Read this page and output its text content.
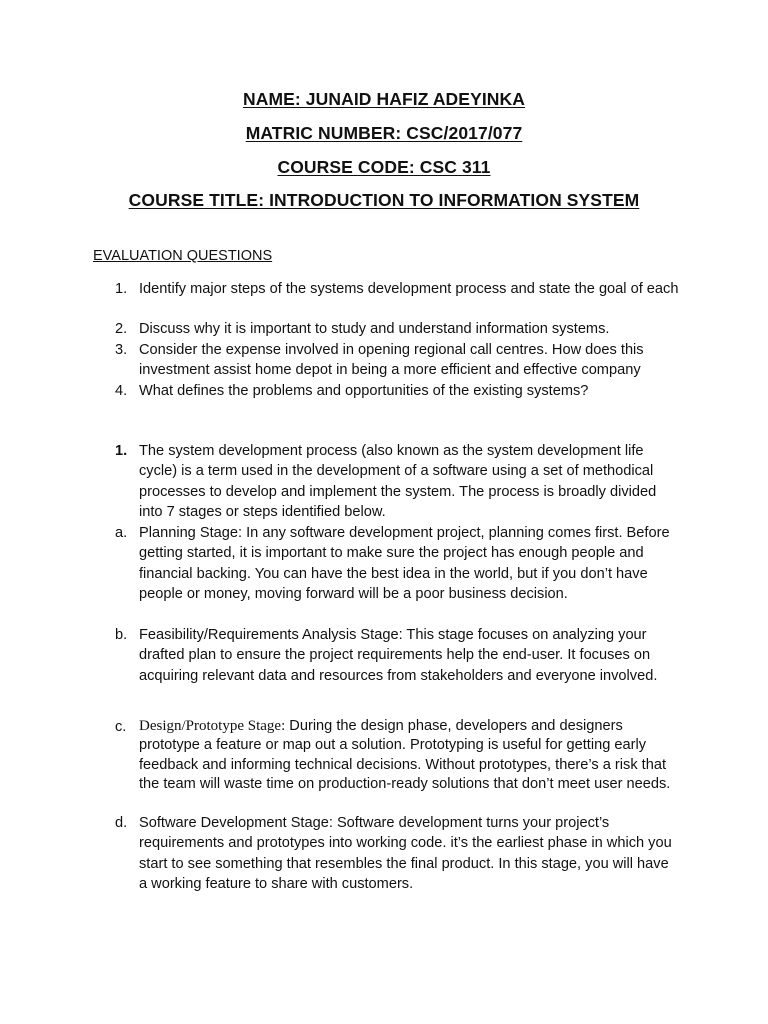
NAME: JUNAID HAFIZ ADEYINKA
MATRIC NUMBER: CSC/2017/077
COURSE CODE: CSC 311
COURSE TITLE: INTRODUCTION TO INFORMATION SYSTEM
EVALUATION QUESTIONS
1. Identify major steps of the systems development process and state the goal of each
2. Discuss why it is important to study and understand information systems.
3. Consider the expense involved in opening regional call centres. How does this investment assist home depot in being a more efficient and effective company
4. What defines the problems and opportunities of the existing systems?
1. The system development process (also known as the system development life cycle) is a term used in the development of a software using a set of methodical processes to develop and implement the system. The process is broadly divided into 7 stages or steps identified below.
a. Planning Stage: In any software development project, planning comes first. Before getting started, it is important to make sure the project has enough people and financial backing. You can have the best idea in the world, but if you don’t have people or money, moving forward will be a poor business decision.
b. Feasibility/Requirements Analysis Stage: This stage focuses on analyzing your drafted plan to ensure the project requirements help the end-user. It focuses on acquiring relevant data and resources from stakeholders and everyone involved.
c. Design/Prototype Stage: During the design phase, developers and designers prototype a feature or map out a solution. Prototyping is useful for getting early feedback and informing technical decisions. Without prototypes, there’s a risk that the team will waste time on production-ready solutions that don’t meet user needs.
d. Software Development Stage: Software development turns your project’s requirements and prototypes into working code. it’s the earliest phase in which you start to see something that resembles the final product. In this stage, you will have a working feature to share with customers.
